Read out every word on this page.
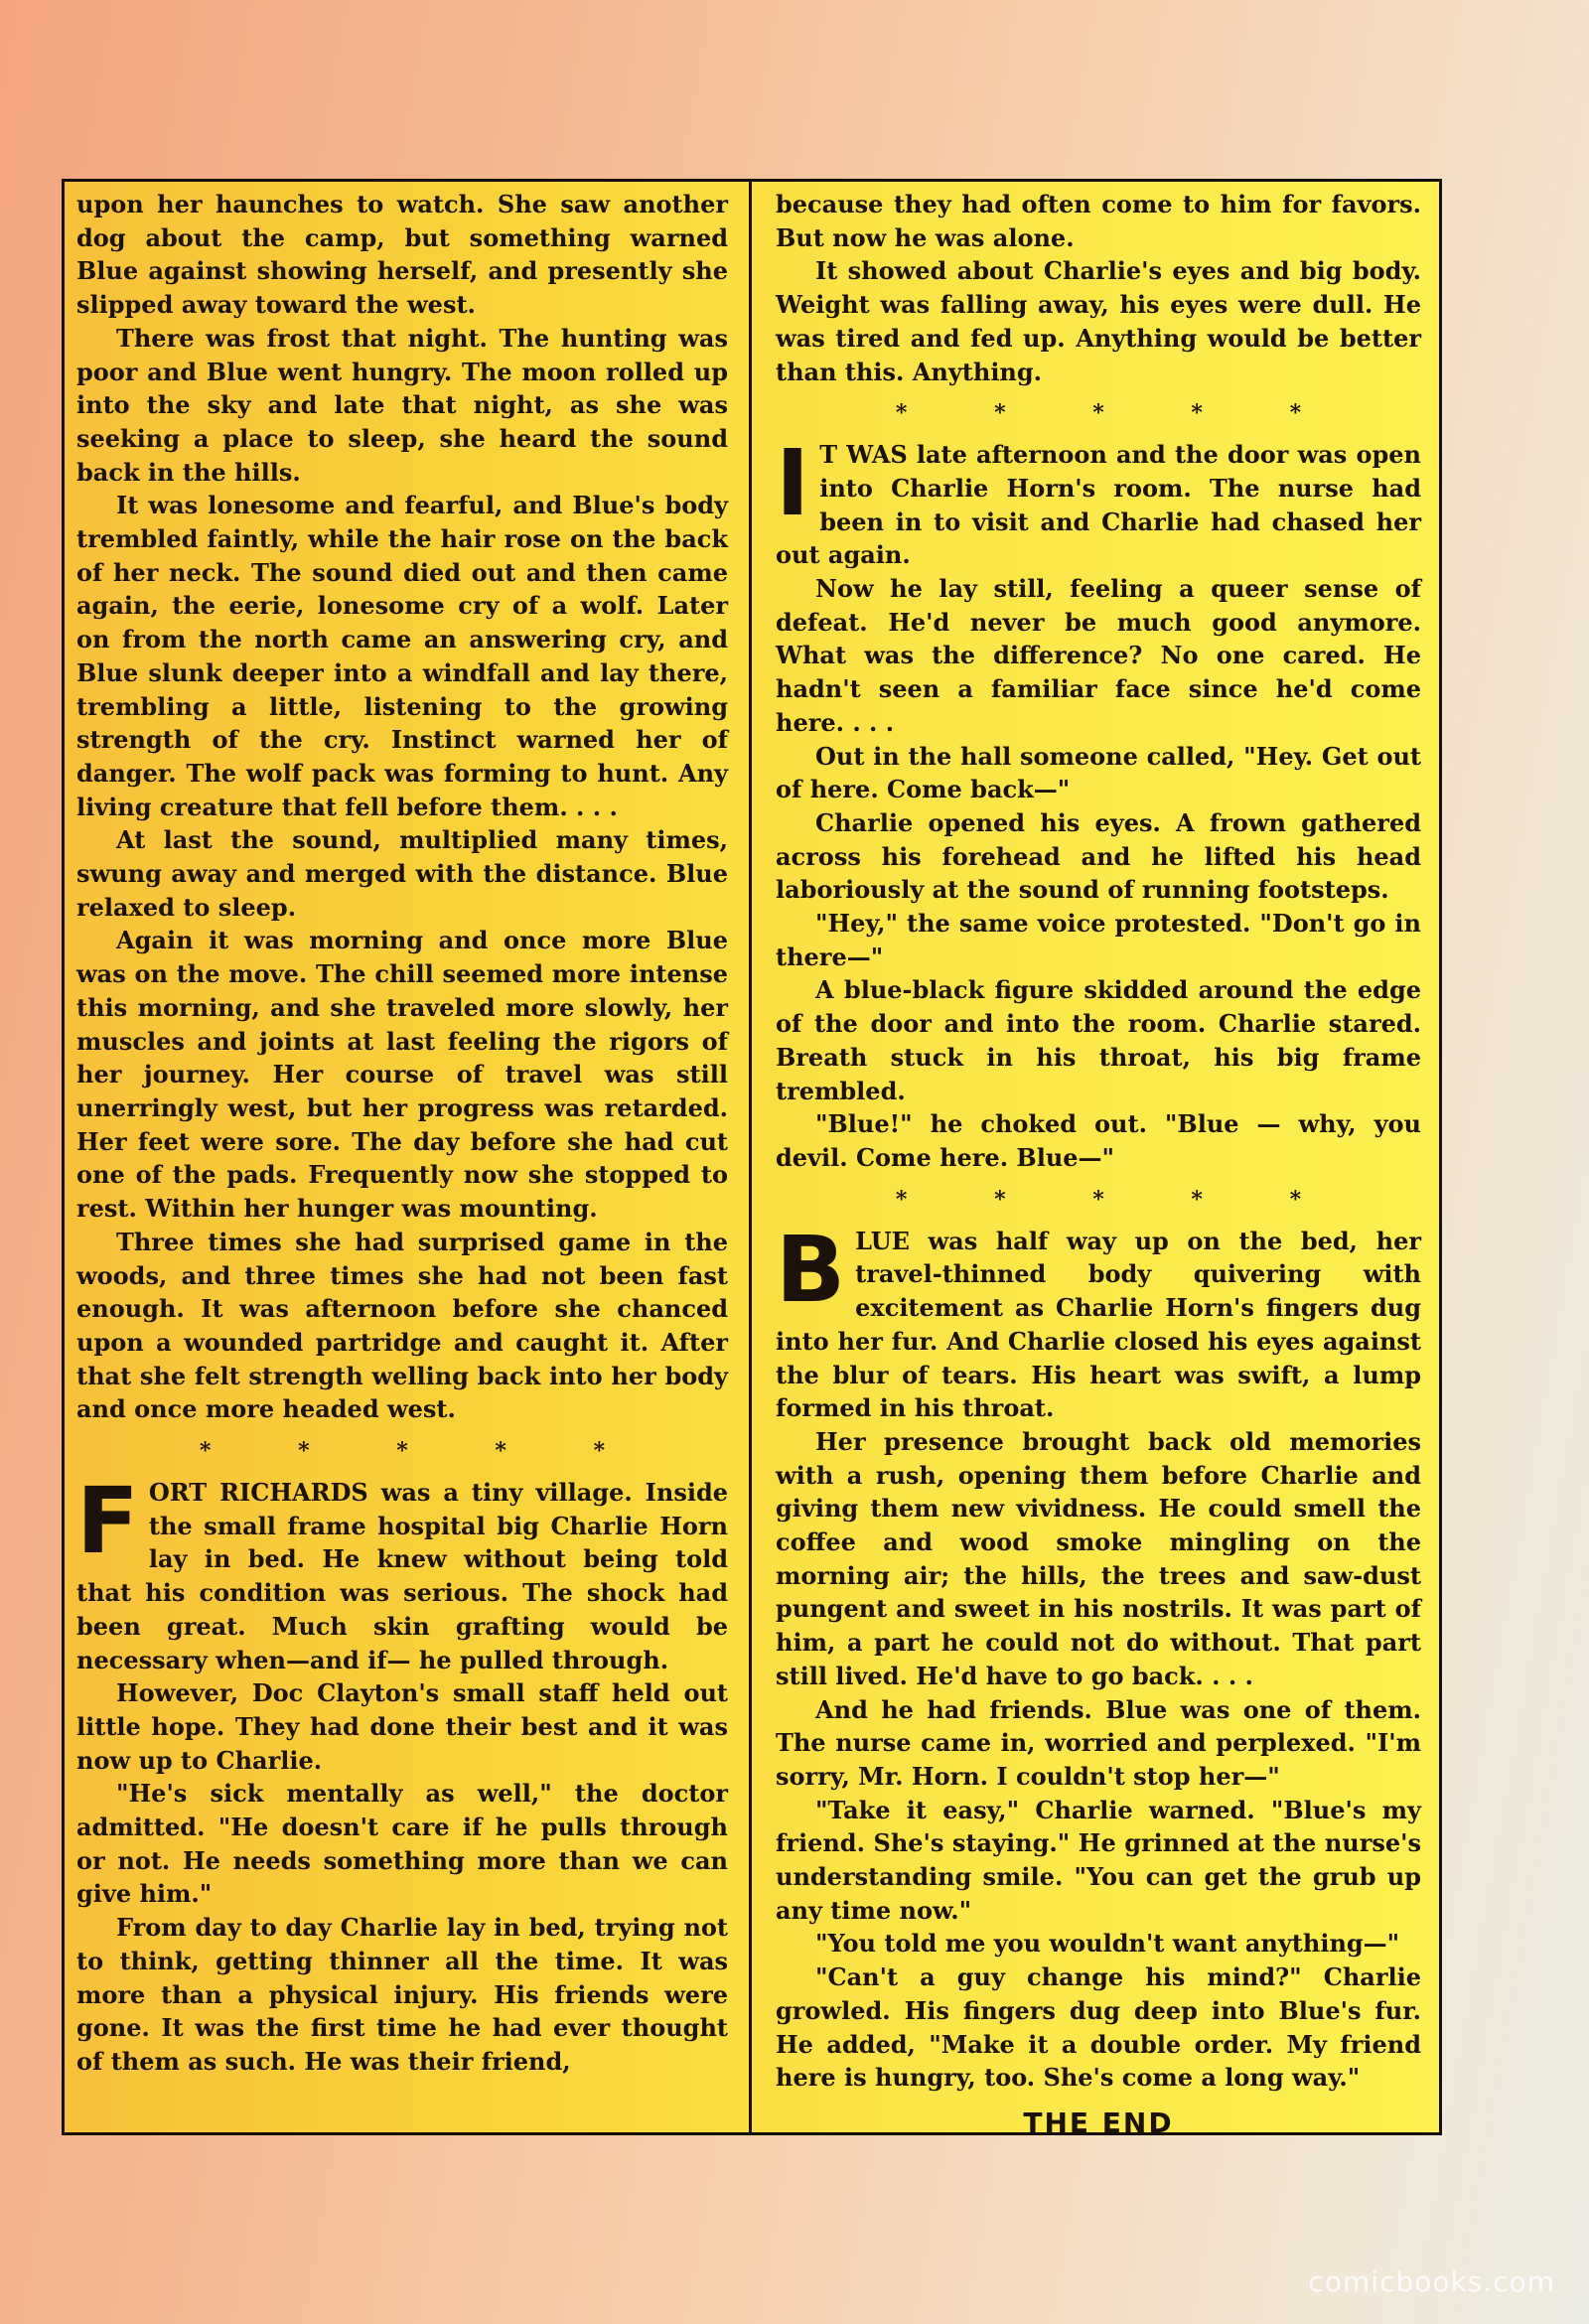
upon her haunches to watch. She saw another dog about the camp, but something warned Blue against showing herself, and presently she slipped away toward the west.

There was frost that night. The hunting was poor and Blue went hungry. The moon rolled up into the sky and late that night, as she was seeking a place to sleep, she heard the sound back in the hills.

It was lonesome and fearful, and Blue's body trembled faintly, while the hair rose on the back of her neck. The sound died out and then came again, the eerie, lonesome cry of a wolf. Later on from the north came an answering cry, and Blue slunk deeper into a windfall and lay there, trembling a little, listening to the growing strength of the cry. Instinct warned her of danger. The wolf pack was forming to hunt. Any living creature that fell before them. . . .

At last the sound, multiplied many times, swung away and merged with the distance. Blue relaxed to sleep.

Again it was morning and once more Blue was on the move. The chill seemed more intense this morning, and she traveled more slowly, her muscles and joints at last feeling the rigors of her journey. Her course of travel was still unerringly west, but her progress was retarded. Her feet were sore. The day before she had cut one of the pads. Frequently now she stopped to rest. Within her hunger was mounting.

Three times she had surprised game in the woods, and three times she had not been fast enough. It was afternoon before she chanced upon a wounded partridge and caught it. After that she felt strength welling back into her body and once more headed west.

* * * * *

FORT RICHARDS was a tiny village. Inside the small frame hospital big Charlie Horn lay in bed. He knew without being told that his condition was serious. The shock had been great. Much skin grafting would be necessary when—and if— he pulled through.

However, Doc Clayton's small staff held out little hope. They had done their best and it was now up to Charlie.

"He's sick mentally as well," the doctor admitted. "He doesn't care if he pulls through or not. He needs something more than we can give him."

From day to day Charlie lay in bed, trying not to think, getting thinner all the time. It was more than a physical injury. His friends were gone. It was the first time he had ever thought of them as such. He was their friend,

because they had often come to him for favors. But now he was alone.

It showed about Charlie's eyes and big body. Weight was falling away, his eyes were dull. He was tired and fed up. Anything would be better than this. Anything.

* * * * *

I T WAS late afternoon and the door was open into Charlie Horn's room. The nurse had been in to visit and Charlie had chased her out again.

Now he lay still, feeling a queer sense of defeat. He'd never be much good anymore. What was the difference? No one cared. He hadn't seen a familiar face since he'd come here. . . .

Out in the hall someone called, "Hey. Get out of here. Come back—"

Charlie opened his eyes. A frown gathered across his forehead and he lifted his head laboriously at the sound of running footsteps.

"Hey," the same voice protested. "Don't go in there—"

A blue-black figure skidded around the edge of the door and into the room. Charlie stared. Breath stuck in his throat, his big frame trembled.

"Blue!" he choked out. "Blue — why, you devil. Come here. Blue—"

* * * * *

BLUE was half way up on the bed, her travel-thinned body quivering with excitement as Charlie Horn's fingers dug into her fur. And Charlie closed his eyes against the blur of tears. His heart was swift, a lump formed in his throat.

Her presence brought back old memories with a rush, opening them before Charlie and giving them new vividness. He could smell the coffee and wood smoke mingling on the morning air; the hills, the trees and saw-dust pungent and sweet in his nostrils. It was part of him, a part he could not do without. That part still lived. He'd have to go back. . . .

And he had friends. Blue was one of them. The nurse came in, worried and perplexed. "I'm sorry, Mr. Horn. I couldn't stop her—"

"Take it easy," Charlie warned. "Blue's my friend. She's staying." He grinned at the nurse's understanding smile. "You can get the grub up any time now."

"You told me you wouldn't want anything—"

"Can't a guy change his mind?" Charlie growled. His fingers dug deep into Blue's fur. He added, "Make it a double order. My friend here is hungry, too. She's come a long way."

THE END
comicbooks.com
